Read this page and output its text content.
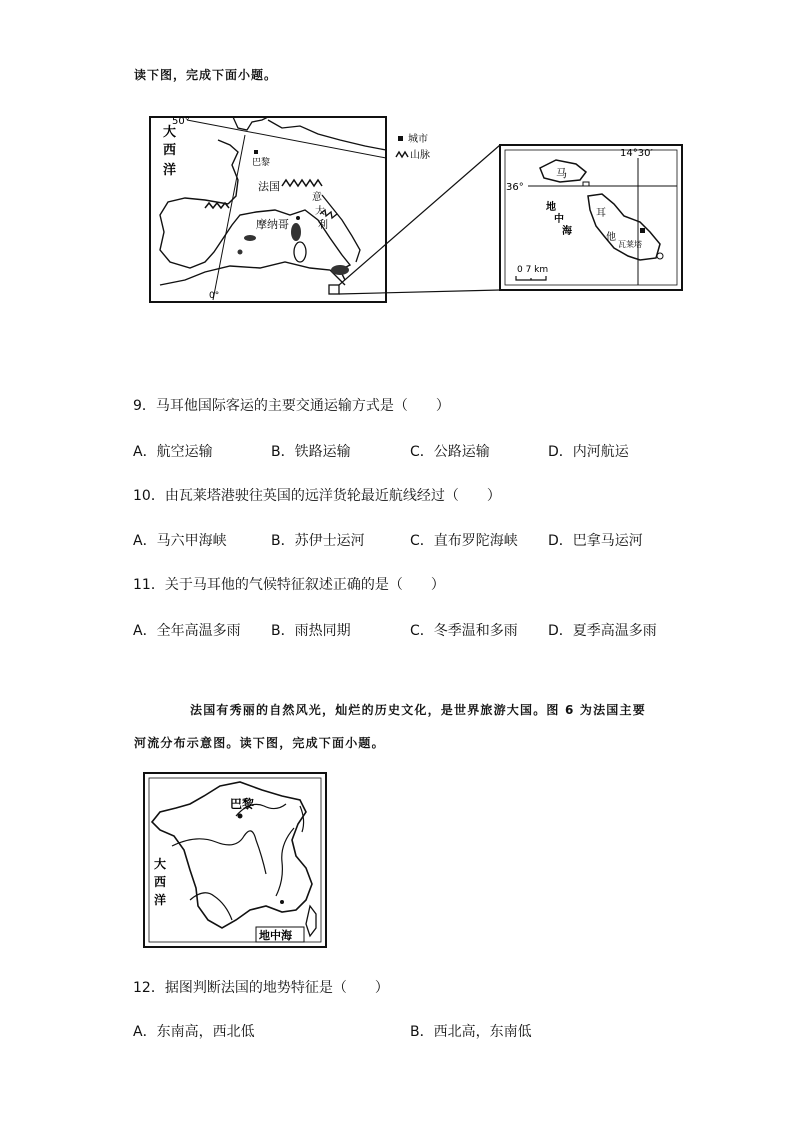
读下图，完成下面小题。
50°
0°
大
西
洋	巴黎
法国
摩纳哥
意
大
利
城市
山脉	14°30′
36°
马
耳
他
瓦莱塔
地
中
海
0 7 km
9．马耳他国际客运的主要交通运输方式是（　　）
A．航空运输	B．铁路运输	C．公路运输	D．内河航运
10．由瓦莱塔港驶往英国的远洋货轮最近航线经过（　　）
A．马六甲海峡	B．苏伊士运河	C．直布罗陀海峡 D．巴拿马运河
11．关于马耳他的气候特征叙述正确的是（　　）
A．全年高温多雨 B．雨热同期	C．冬季温和多雨 D．夏季高温多雨
法国有秀丽的自然风光，灿烂的历史文化，是世界旅游大国。图 6 为法国主要
河流分布示意图。读下图，完成下面小题。
巴黎
大
西
洋
地中海
12．据图判断法国的地势特征是（　　）
A．东南高，西北低	B．西北高，东南低
